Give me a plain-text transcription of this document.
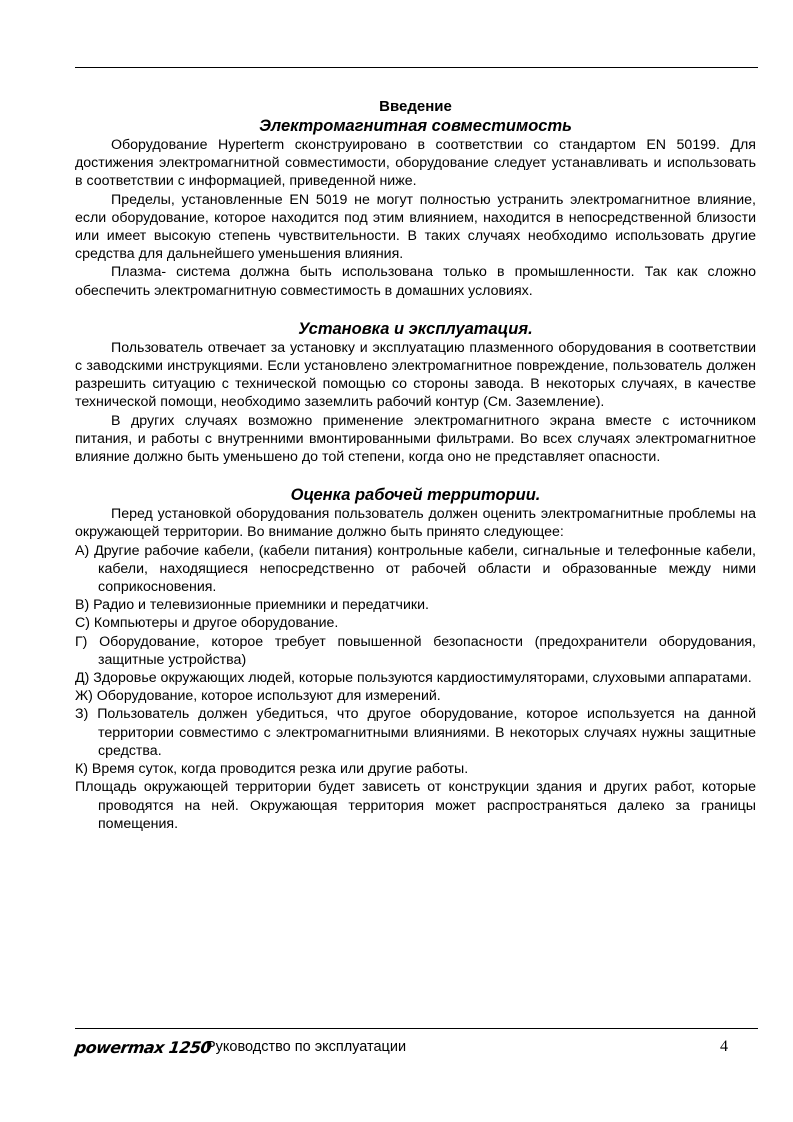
Введение
Электромагнитная совместимость

Оборудование Hyperterm сконструировано в соответствии со стандартом EN 50199. Для достижения электромагнитной совместимости, оборудование следует устанавливать и использовать в соответствии с информацией, приведенной ниже.

Пределы, установленные EN 5019 не могут полностью устранить электромагнитное влияние, если оборудование, которое находится под этим влиянием, находится в непосредственной близости или имеет высокую степень чувствительности. В таких случаях необходимо использовать другие средства для дальнейшего уменьшения влияния.

Плазма- система должна быть использована только в промышленности. Так как сложно обеспечить электромагнитную совместимость в домашних условиях.

Установка и эксплуатация.

Пользователь отвечает за установку и эксплуатацию плазменного оборудования в соответствии с заводскими инструкциями. Если установлено электромагнитное повреждение, пользователь должен разрешить ситуацию с технической помощью со стороны завода. В некоторых случаях, в качестве технической помощи, необходимо заземлить рабочий контур (См. Заземление).

В других случаях возможно применение электромагнитного экрана вместе с источником питания, и работы с внутренними вмонтированными фильтрами. Во всех случаях электромагнитное влияние должно быть уменьшено до той степени, когда оно не представляет опасности.

Оценка рабочей территории.

Перед установкой оборудования пользователь должен оценить электромагнитные проблемы на окружающей территории. Во внимание должно быть принято следующее:

А) Другие рабочие кабели, (кабели питания) контрольные кабели, сигнальные и телефонные кабели, кабели, находящиеся непосредственно от рабочей области и образованные между ними соприкосновения.
В) Радио и телевизионные приемники и передатчики.
С) Компьютеры и другое оборудование.
Г) Оборудование, которое требует повышенной безопасности (предохранители оборудования, защитные устройства)
Д) Здоровье окружающих людей, которые пользуются кардиостимуляторами, слуховыми аппаратами.
Ж) Оборудование, которое используют для измерений.
З) Пользователь должен убедиться, что другое оборудование, которое используется на данной территории совместимо с электромагнитными влияниями. В некоторых случаях нужны защитные средства.
К) Время суток, когда проводится резка или другие работы.
Площадь окружающей территории будет зависеть от конструкции здания и других работ, которые проводятся на ней. Окружающая территория может распространяться далеко за границы помещения.
powermax 1250
Руководство по эксплуатации	4
